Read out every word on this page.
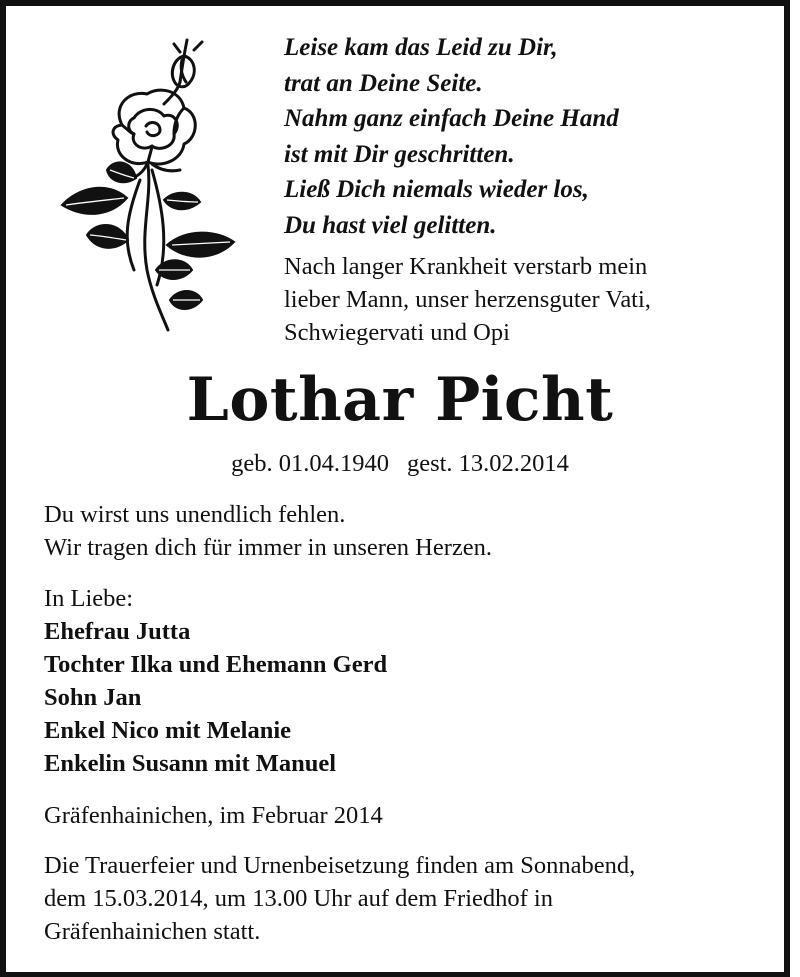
Leise kam das Leid zu Dir,
trat an Deine Seite.
Nahm ganz einfach Deine Hand
ist mit Dir geschritten.
Ließ Dich niemals wieder los,
Du hast viel gelitten.
Nach langer Krankheit verstarb mein
lieber Mann, unser herzensguter Vati,
Schwiegervati und Opi
Lothar Picht
geb. 01.04.1940 gest. 13.02.2014
Du wirst uns unendlich fehlen.
Wir tragen dich für immer in unseren Herzen.
In Liebe:
Ehefrau Jutta
Tochter Ilka und Ehemann Gerd
Sohn Jan
Enkel Nico mit Melanie
Enkelin Susann mit Manuel
Gräfenhainichen, im Februar 2014
Die Trauerfeier und Urnenbeisetzung finden am Sonnabend,
dem 15.03.2014, um 13.00 Uhr auf dem Friedhof in
Gräfenhainichen statt.
